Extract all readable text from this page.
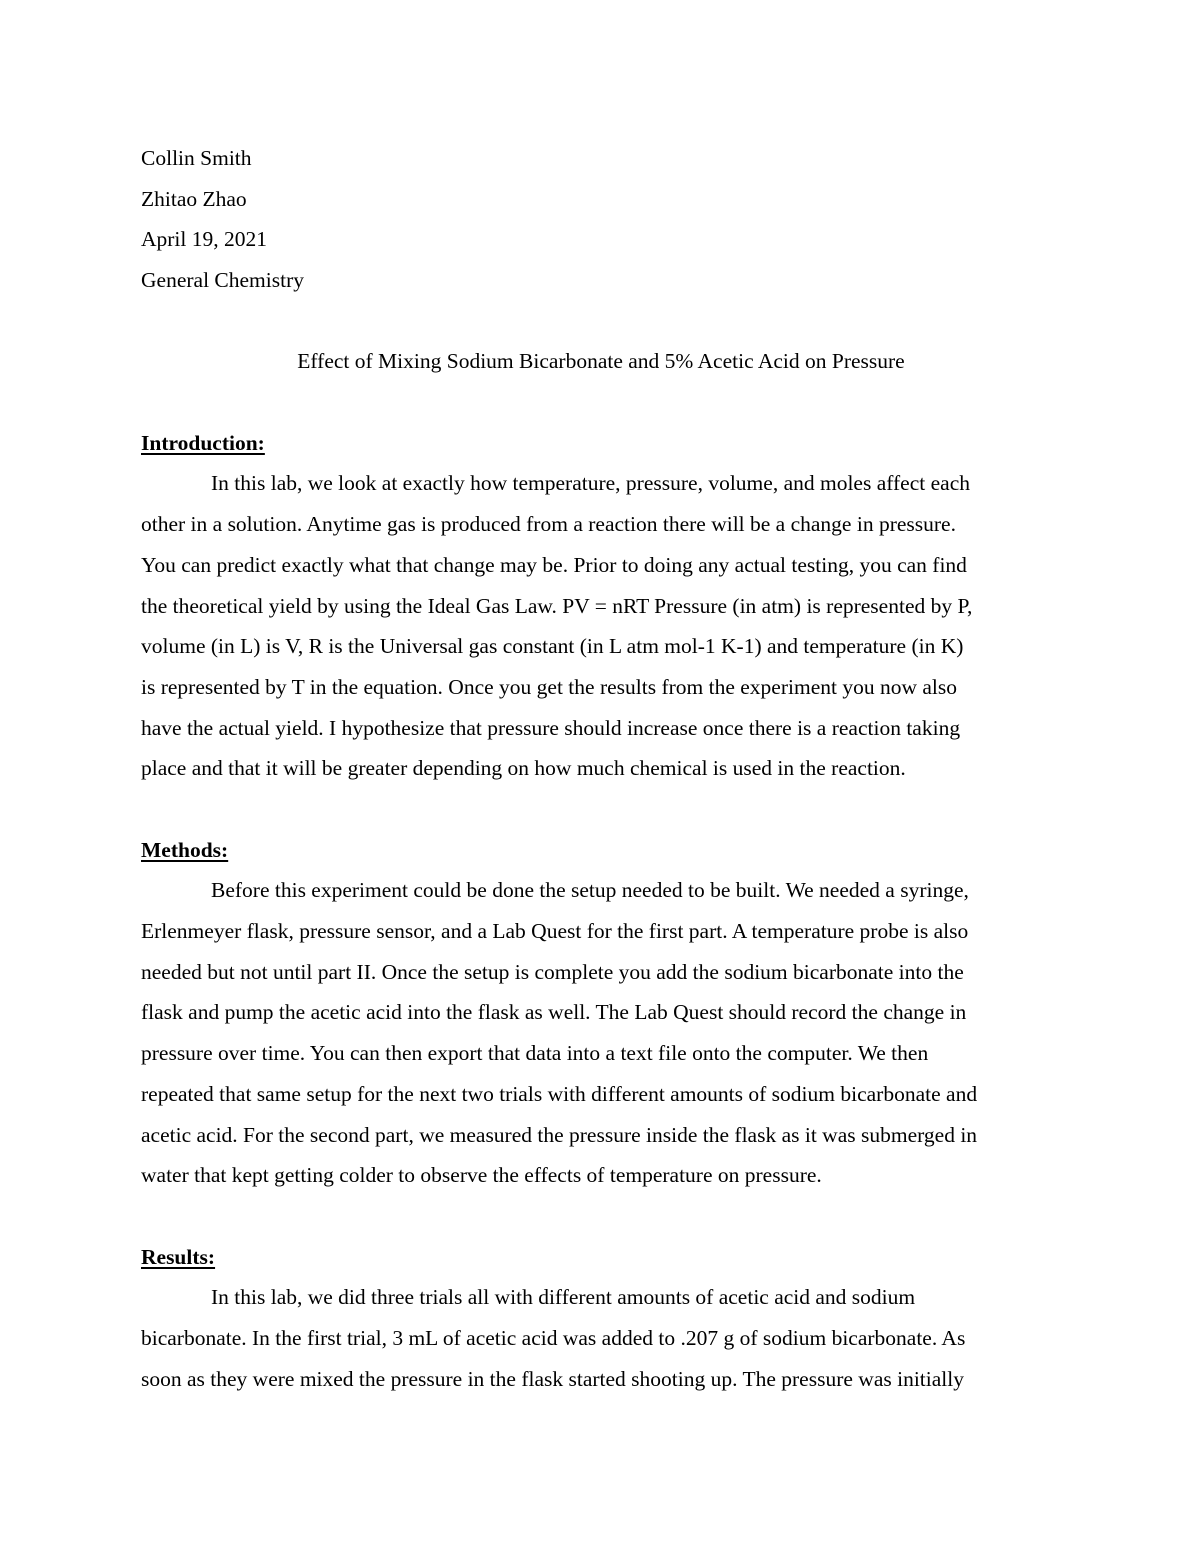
Collin Smith
Zhitao Zhao
April 19, 2021
General Chemistry
Effect of Mixing Sodium Bicarbonate and 5% Acetic Acid on Pressure
Introduction:
In this lab, we look at exactly how temperature, pressure, volume, and moles affect each
other in a solution. Anytime gas is produced from a reaction there will be a change in pressure.
You can predict exactly what that change may be. Prior to doing any actual testing, you can find
the theoretical yield by using the Ideal Gas Law. PV = nRT Pressure (in atm) is represented by P,
volume (in L) is V, R is the Universal gas constant (in L atm mol-1 K-1) and temperature (in K)
is represented by T in the equation. Once you get the results from the experiment you now also
have the actual yield. I hypothesize that pressure should increase once there is a reaction taking
place and that it will be greater depending on how much chemical is used in the reaction.
Methods:
Before this experiment could be done the setup needed to be built. We needed a syringe,
Erlenmeyer flask, pressure sensor, and a Lab Quest for the first part. A temperature probe is also
needed but not until part II. Once the setup is complete you add the sodium bicarbonate into the
flask and pump the acetic acid into the flask as well. The Lab Quest should record the change in
pressure over time. You can then export that data into a text file onto the computer. We then
repeated that same setup for the next two trials with different amounts of sodium bicarbonate and
acetic acid. For the second part, we measured the pressure inside the flask as it was submerged in
water that kept getting colder to observe the effects of temperature on pressure.
Results:
In this lab, we did three trials all with different amounts of acetic acid and sodium
bicarbonate. In the first trial, 3 mL of acetic acid was added to .207 g of sodium bicarbonate. As
soon as they were mixed the pressure in the flask started shooting up. The pressure was initially
